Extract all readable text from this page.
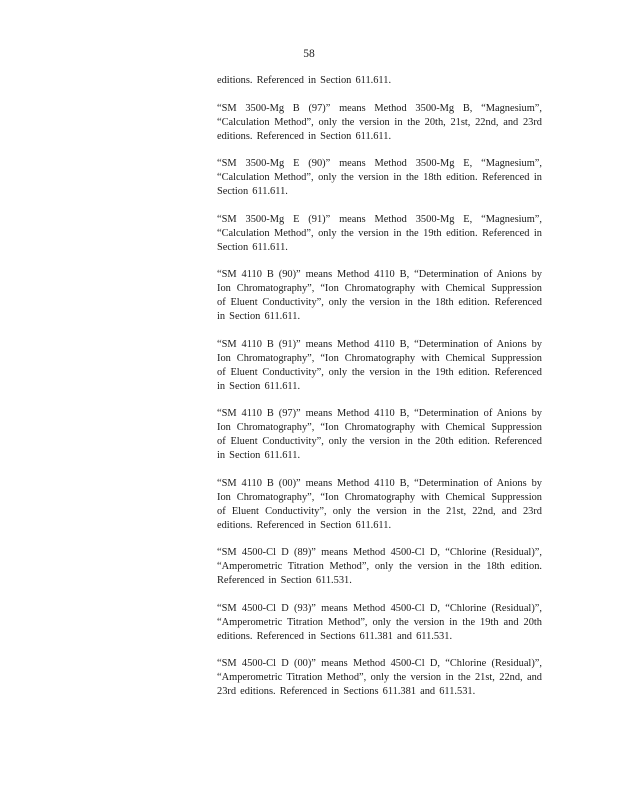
58

editions. Referenced in Section 611.611.

“SM 3500-Mg B (97)” means Method 3500-Mg B, “Magnesium”, “Calculation Method”, only the version in the 20th, 21st, 22nd, and 23rd editions. Referenced in Section 611.611.

“SM 3500-Mg E (90)” means Method 3500-Mg E, “Magnesium”, “Calculation Method”, only the version in the 18th edition. Referenced in Section 611.611.

“SM 3500-Mg E (91)” means Method 3500-Mg E, “Magnesium”, “Calculation Method”, only the version in the 19th edition. Referenced in Section 611.611.

“SM 4110 B (90)” means Method 4110 B, “Determination of Anions by Ion Chromatography”, “Ion Chromatography with Chemical Suppression of Eluent Conductivity”, only the version in the 18th edition. Referenced in Section 611.611.

“SM 4110 B (91)” means Method 4110 B, “Determination of Anions by Ion Chromatography”, “Ion Chromatography with Chemical Suppression of Eluent Conductivity”, only the version in the 19th edition. Referenced in Section 611.611.

“SM 4110 B (97)” means Method 4110 B, “Determination of Anions by Ion Chromatography”, “Ion Chromatography with Chemical Suppression of Eluent Conductivity”, only the version in the 20th edition. Referenced in Section 611.611.

“SM 4110 B (00)” means Method 4110 B, “Determination of Anions by Ion Chromatography”, “Ion Chromatography with Chemical Suppression of Eluent Conductivity”, only the version in the 21st, 22nd, and 23rd editions. Referenced in Section 611.611.

“SM 4500-Cl D (89)” means Method 4500-Cl D, “Chlorine (Residual)”, “Amperometric Titration Method”, only the version in the 18th edition. Referenced in Section 611.531.

“SM 4500-Cl D (93)” means Method 4500-Cl D, “Chlorine (Residual)”, “Amperometric Titration Method”, only the version in the 19th and 20th editions. Referenced in Sections 611.381 and 611.531.

“SM 4500-Cl D (00)” means Method 4500-Cl D, “Chlorine (Residual)”, “Amperometric Titration Method”, only the version in the 21st, 22nd, and 23rd editions. Referenced in Sections 611.381 and 611.531.
